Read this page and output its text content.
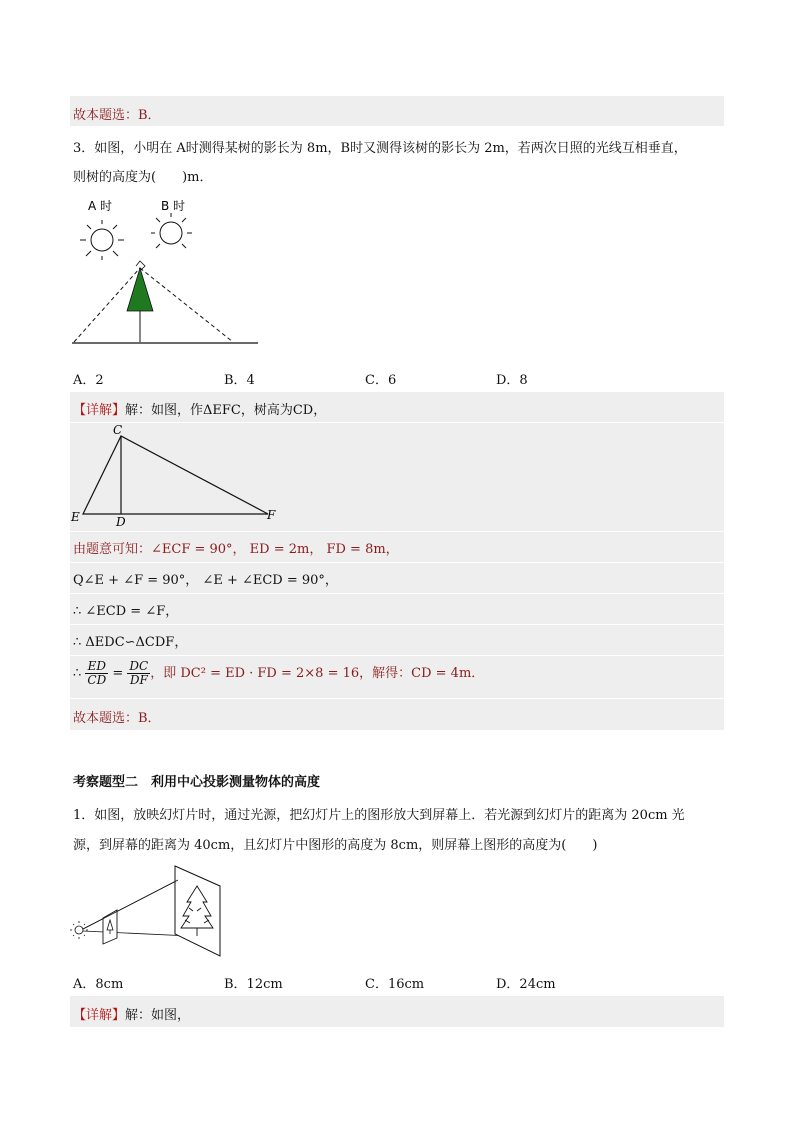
故本题选：B．
3．如图，小明在 A时测得某树的影长为 8m，B时又测得该树的影长为 2m，若两次日照的光线互相垂直，
则树的高度为(　　)m．
A 时	B 时
A．2	B．4	C．6	D．8
【详解】解：如图，作ΔEFC，树高为CD，
C
E	D	F
由题意可知：∠ECF = 90°， ED = 2m， FD = 8m，
Q∠E + ∠F = 90°， ∠E + ∠ECD = 90°，
∴ ∠ECD = ∠F，
∴ ΔEDC∽ΔCDF，
∴ $\frac{ED}{CD} = \frac{DC}{DF}$ ，即 DC² = ED · FD = 2×8 = 16，解得：CD = 4m．
故本题选：B．
考察题型二　利用中心投影测量物体的高度
1．如图，放映幻灯片时，通过光源，把幻灯片上的图形放大到屏幕上．若光源到幻灯片的距离为 20cm 光
源，到屏幕的距离为 40cm，且幻灯片中图形的高度为 8cm，则屏幕上图形的高度为(　　)
A．8cm	B．12cm	C．16cm	D．24cm
【详解】解：如图，
